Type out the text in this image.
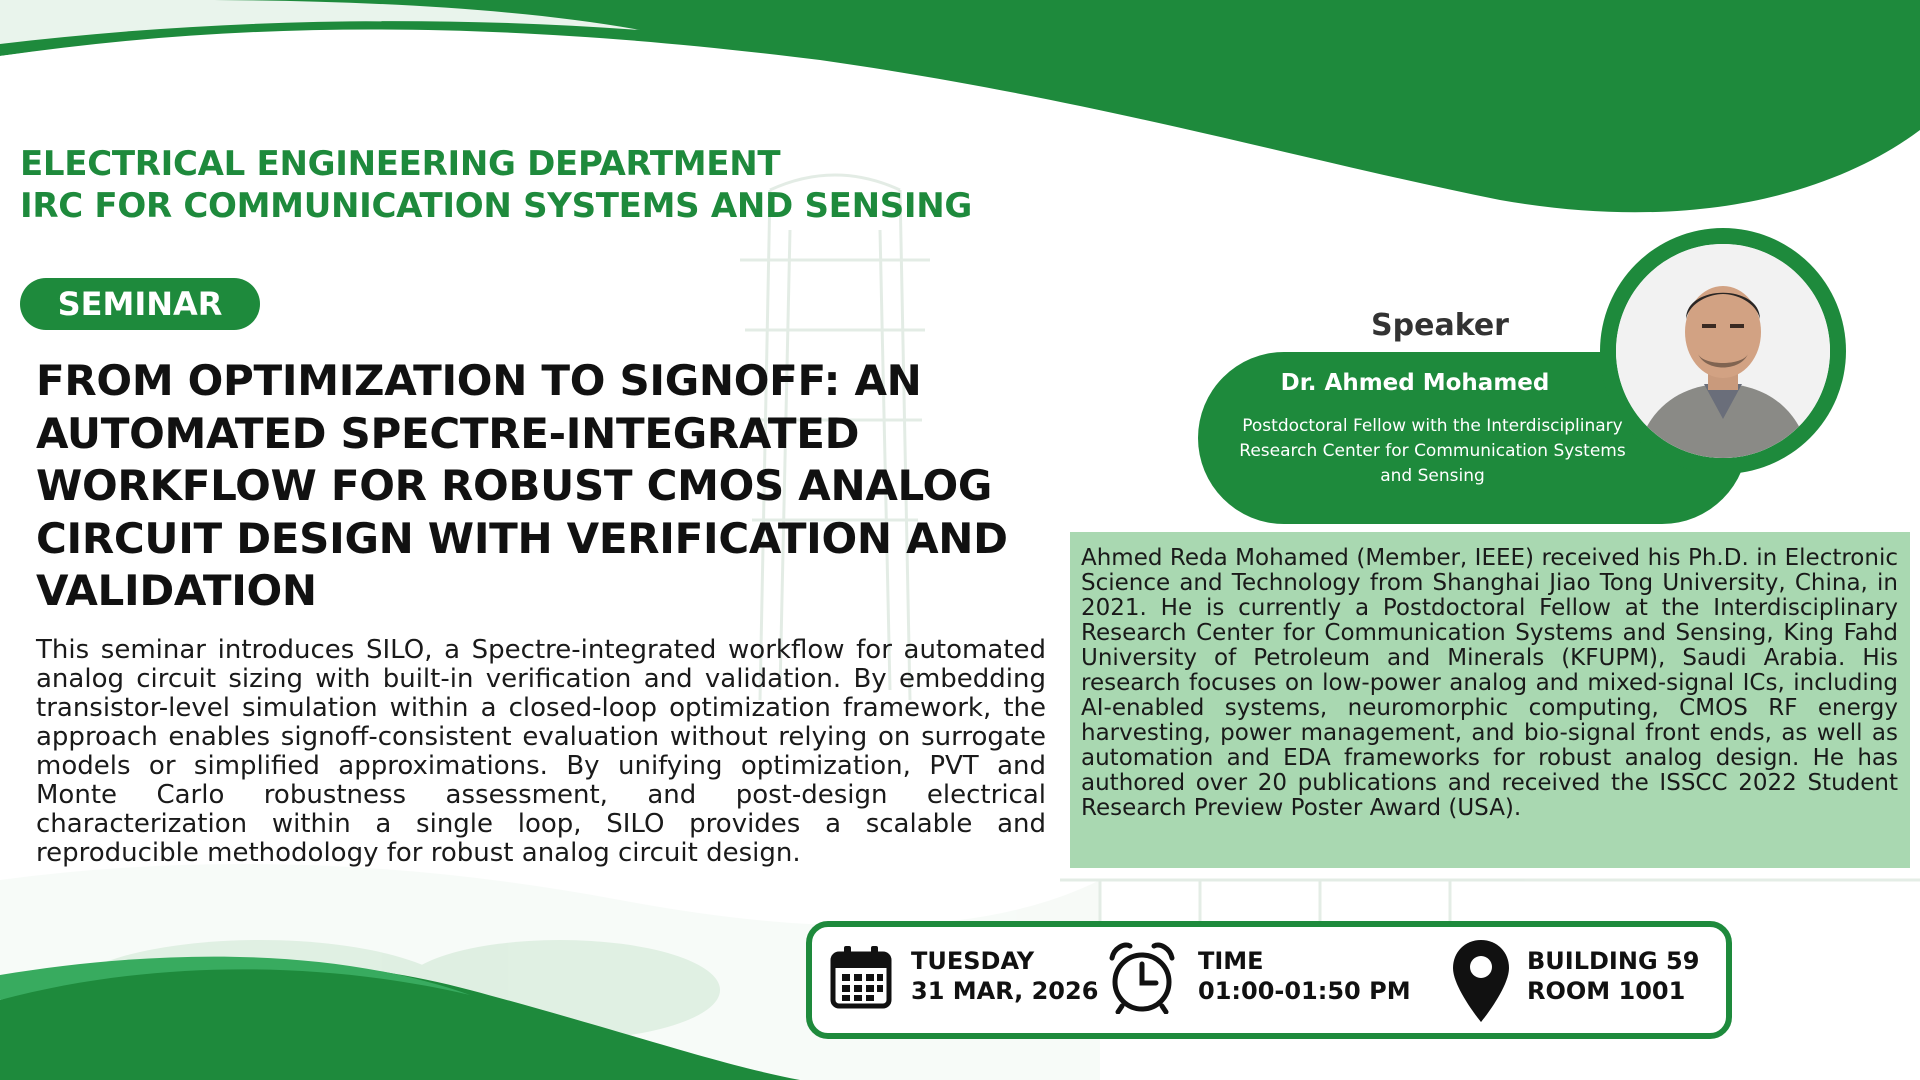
ELECTRICAL ENGINEERING DEPARTMENT
IRC FOR COMMUNICATION SYSTEMS AND SENSING
SEMINAR
FROM OPTIMIZATION TO SIGNOFF: AN AUTOMATED SPECTRE-INTEGRATED WORKFLOW FOR ROBUST CMOS ANALOG CIRCUIT DESIGN WITH VERIFICATION AND VALIDATION
This seminar introduces SILO, a Spectre-integrated workflow for automated analog circuit sizing with built-in verification and validation. By embedding transistor-level simulation within a closed-loop optimization framework, the approach enables signoff-consistent evaluation without relying on surrogate models or simplified approximations. By unifying optimization, PVT and Monte Carlo robustness assessment, and post-design electrical characterization within a single loop, SILO provides a scalable and reproducible methodology for robust analog circuit design.
Speaker
Dr. Ahmed Mohamed
Postdoctoral Fellow with the Interdisciplinary Research Center for Communication Systems and Sensing
Ahmed Reda Mohamed (Member, IEEE) received his Ph.D. in Electronic Science and Technology from Shanghai Jiao Tong University, China, in 2021. He is currently a Postdoctoral Fellow at the Interdisciplinary Research Center for Communication Systems and Sensing, King Fahd University of Petroleum and Minerals (KFUPM), Saudi Arabia. His research focuses on low-power analog and mixed-signal ICs, including AI-enabled systems, neuromorphic computing, CMOS RF energy harvesting, power management, and bio-signal front ends, as well as automation and EDA frameworks for robust analog design. He has authored over 20 publications and received the ISSCC 2022 Student Research Preview Poster Award (USA).
TUESDAY
31 MAR, 2026
TIME
01:00-01:50 PM
BUILDING 59
ROOM 1001
